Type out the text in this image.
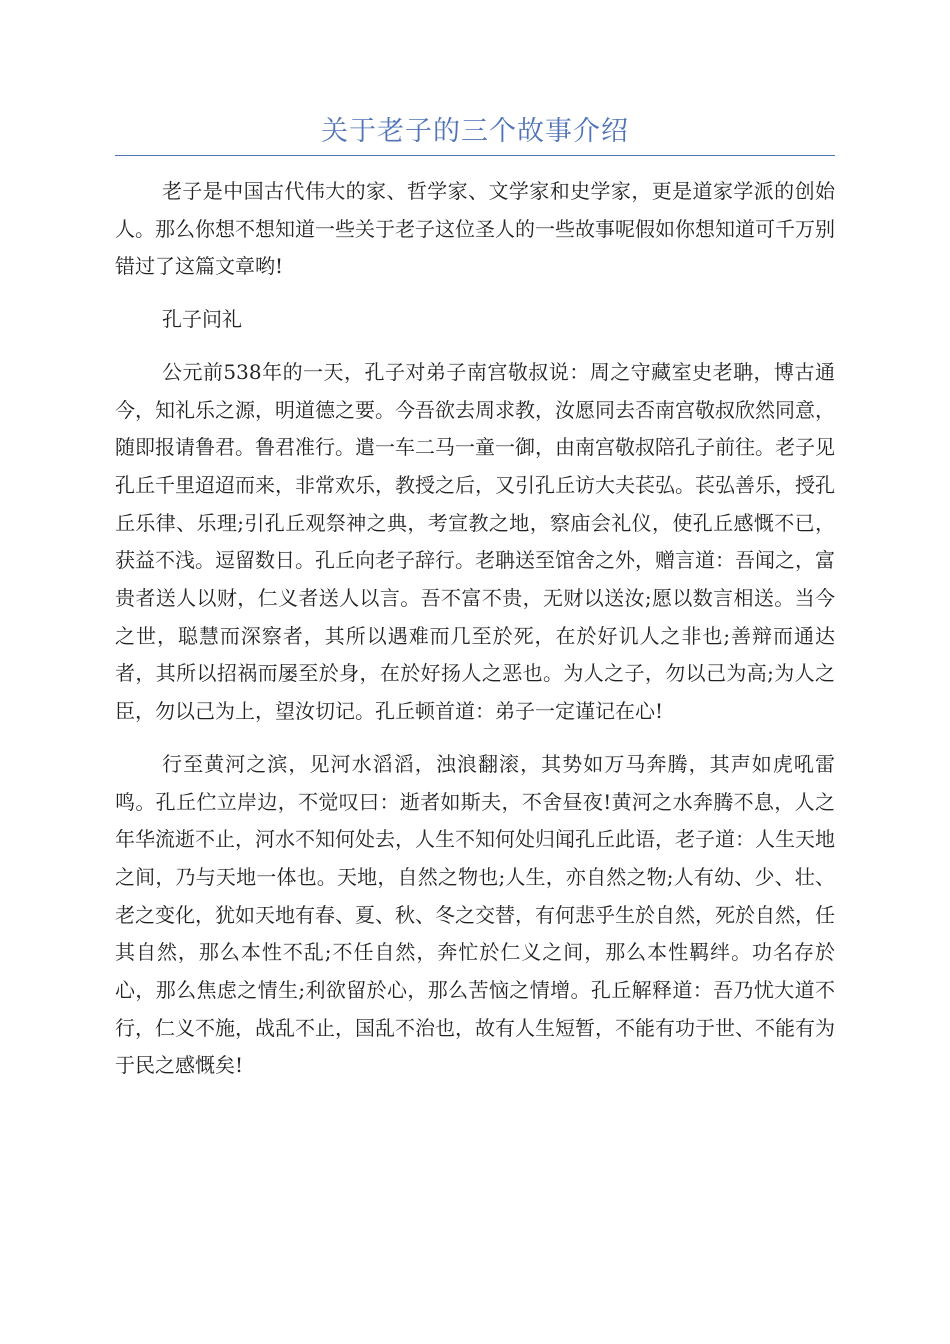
关于老子的三个故事介绍

老子是中国古代伟大的家、哲学家、文学家和史学家，更是道家学派的创始人。那么你想不想知道一些关于老子这位圣人的一些故事呢假如你想知道可千万别错过了这篇文章哟!

孔子问礼

公元前538年的一天，孔子对弟子南宫敬叔说：周之守藏室史老聃，博古通今，知礼乐之源，明道德之要。今吾欲去周求教，汝愿同去否南宫敬叔欣然同意，随即报请鲁君。鲁君准行。遣一车二马一童一御，由南宫敬叔陪孔子前往。老子见孔丘千里迢迢而来，非常欢乐，教授之后，又引孔丘访大夫苌弘。苌弘善乐，授孔丘乐律、乐理;引孔丘观祭神之典，考宣教之地，察庙会礼仪，使孔丘感慨不已，获益不浅。逗留数日。孔丘向老子辞行。老聃送至馆舍之外，赠言道：吾闻之，富贵者送人以财，仁义者送人以言。吾不富不贵，无财以送汝;愿以数言相送。当今之世，聪慧而深察者，其所以遇难而几至於死，在於好讥人之非也;善辩而通达者，其所以招祸而屡至於身，在於好扬人之恶也。为人之子，勿以己为高;为人之臣，勿以己为上，望汝切记。孔丘顿首道：弟子一定谨记在心!

行至黄河之滨，见河水滔滔，浊浪翻滚，其势如万马奔腾，其声如虎吼雷鸣。孔丘伫立岸边，不觉叹曰：逝者如斯夫，不舍昼夜!黄河之水奔腾不息，人之年华流逝不止，河水不知何处去，人生不知何处归闻孔丘此语，老子道：人生天地之间，乃与天地一体也。天地，自然之物也;人生，亦自然之物;人有幼、少、壮、老之变化，犹如天地有春、夏、秋、冬之交替，有何悲乎生於自然，死於自然，任其自然，那么本性不乱;不任自然，奔忙於仁义之间，那么本性羁绊。功名存於心，那么焦虑之情生;利欲留於心，那么苦恼之情增。孔丘解释道：吾乃忧大道不行，仁义不施，战乱不止，国乱不治也，故有人生短暂，不能有功于世、不能有为于民之感慨矣!
